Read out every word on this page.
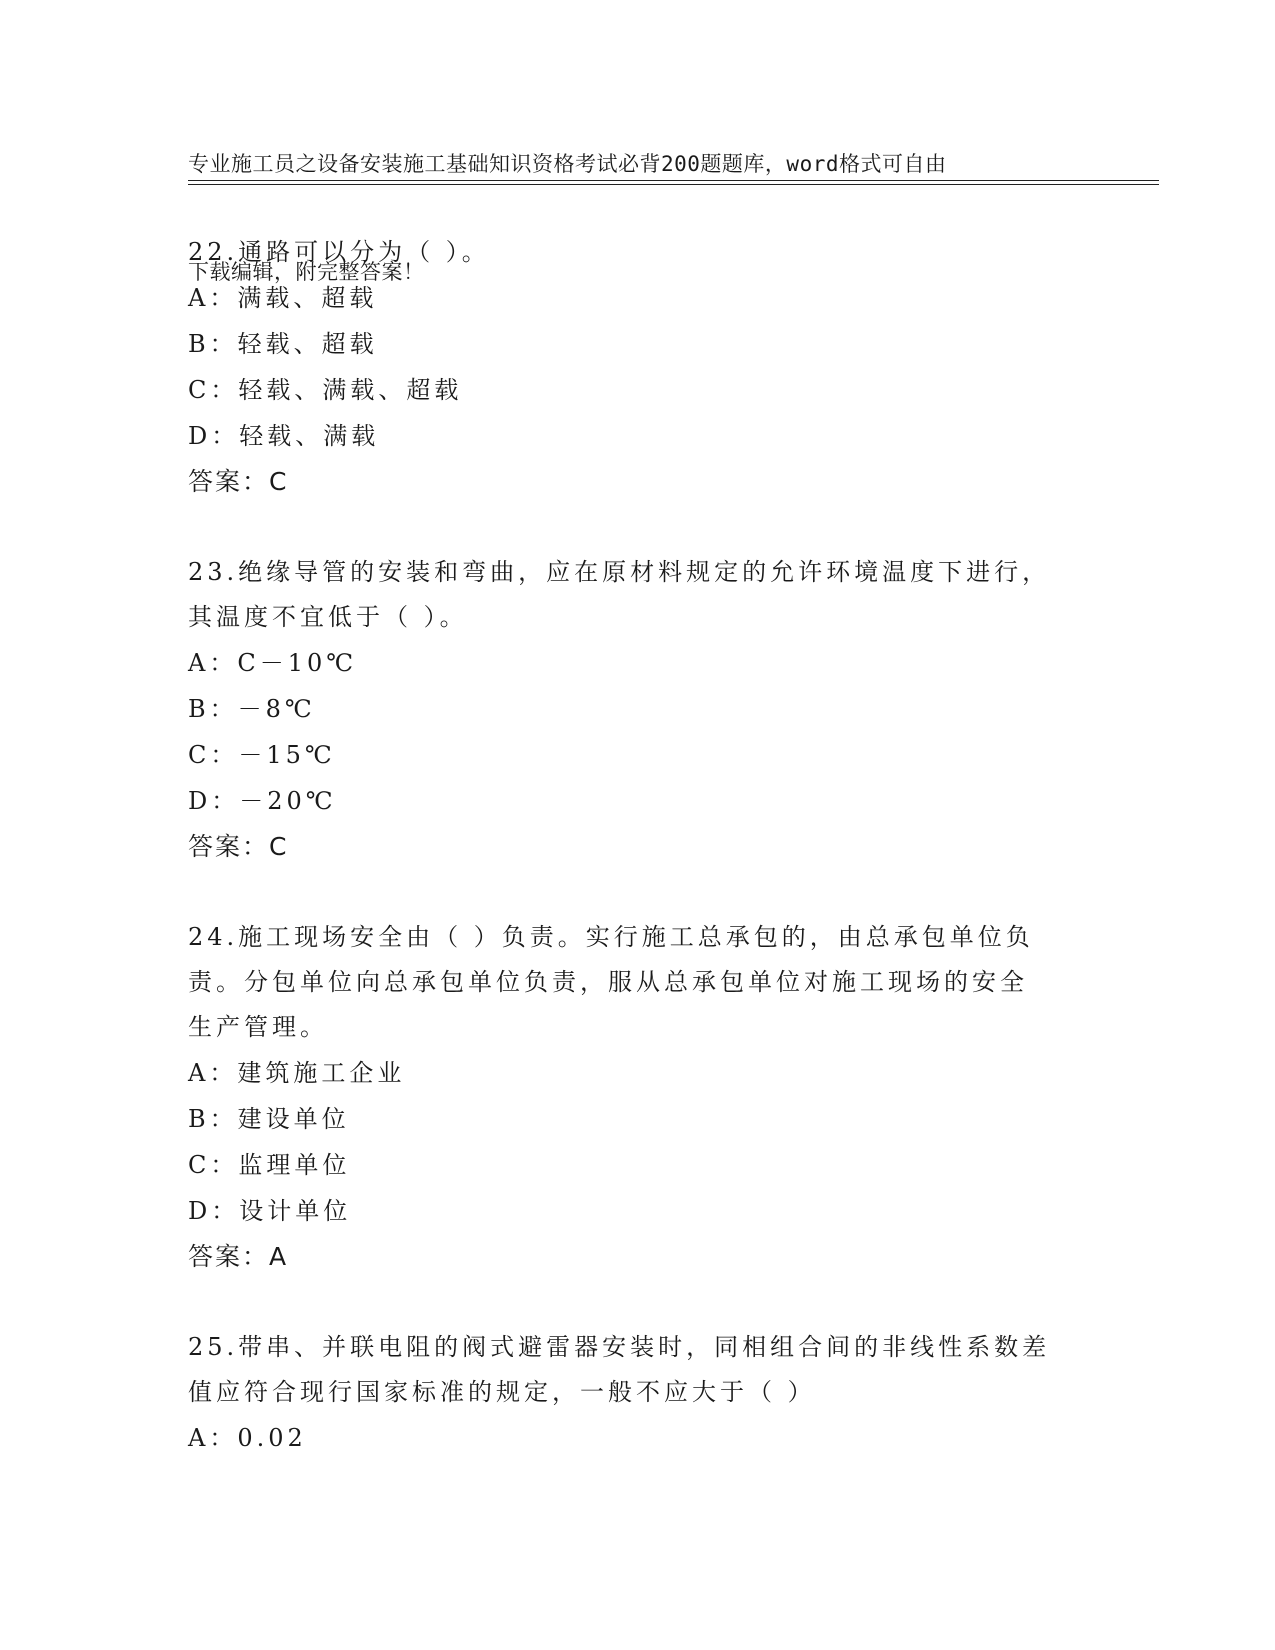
专业施工员之设备安装施工基础知识资格考试必背200题题库，word格式可自由

下载编辑，附完整答案！

22.通路可以分为（ ）。
A：满载、超载
B：轻载、超载
C：轻载、满载、超载
D：轻载、满载
答案：C
23.绝缘导管的安装和弯曲，应在原材料规定的允许环境温度下进行，
其温度不宜低于（ ）。
A：C－10℃
B：－8℃
C：－15℃
D：－20℃
答案：C
24.施工现场安全由（ ）负责。实行施工总承包的，由总承包单位负
责。分包单位向总承包单位负责，服从总承包单位对施工现场的安全
生产管理。
A：建筑施工企业
B：建设单位
C：监理单位
D：设计单位
答案：A
25.带串、并联电阻的阀式避雷器安装时，同相组合间的非线性系数差
值应符合现行国家标准的规定，一般不应大于（ ）
A：0.02
